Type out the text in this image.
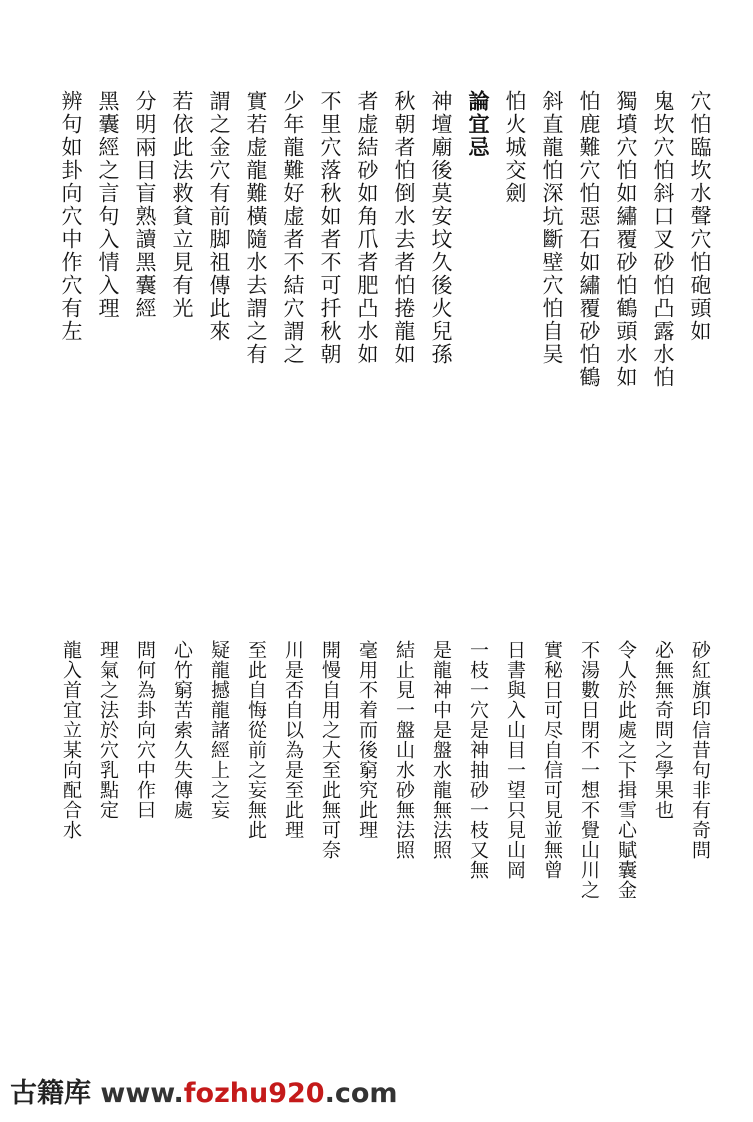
穴怕臨坎水聲穴怕砲頭如
鬼坎穴怕斜口叉砂怕凸露水怕
獨墳穴怕如繡覆砂怕鶴頭水如
怕鹿難穴怕惡石如繡覆砂怕鶴
斜直龍怕深坑斷壁穴怕自吴
怕火城交劍
論宜忌
神壇廟後莫安坟久後火兒孫
秋朝者怕倒水去者怕捲龍如
者虚結砂如角爪者肥凸水如
不里穴落秋如者不可扦秋朝
少年龍難好虚者不結穴謂之
實若虚龍難橫隨水去謂之有
謂之金穴有前脚祖傳此來
若依此法救貧立見有光
分明兩目盲熟讀黑囊經
黑囊經之言句入情入理
辨句如卦向穴中作穴有左
砂紅旗印信昔句非有奇問
必無無奇問之學果也
令人於此處之下揖雪心賦囊金
不湯數日閉不一想不覺山川之
實秘日可尽自信可見並無曾
日書與入山目一望只見山岡
一枝一穴是神抽砂一枝又無
是龍神中是盤水龍無法照
結止見一盤山水砂無法照
毫用不着而後窮究此理
開慢自用之大至此無可奈
川是否自以為是至此理
至此自悔從前之妄無此
疑龍撼龍諸經上之妄
心竹窮苦索久失傳處
問何為卦向穴中作曰
理氣之法於穴乳點定
龍入首宜立某向配合水
古籍库 www.fozhu920.com
